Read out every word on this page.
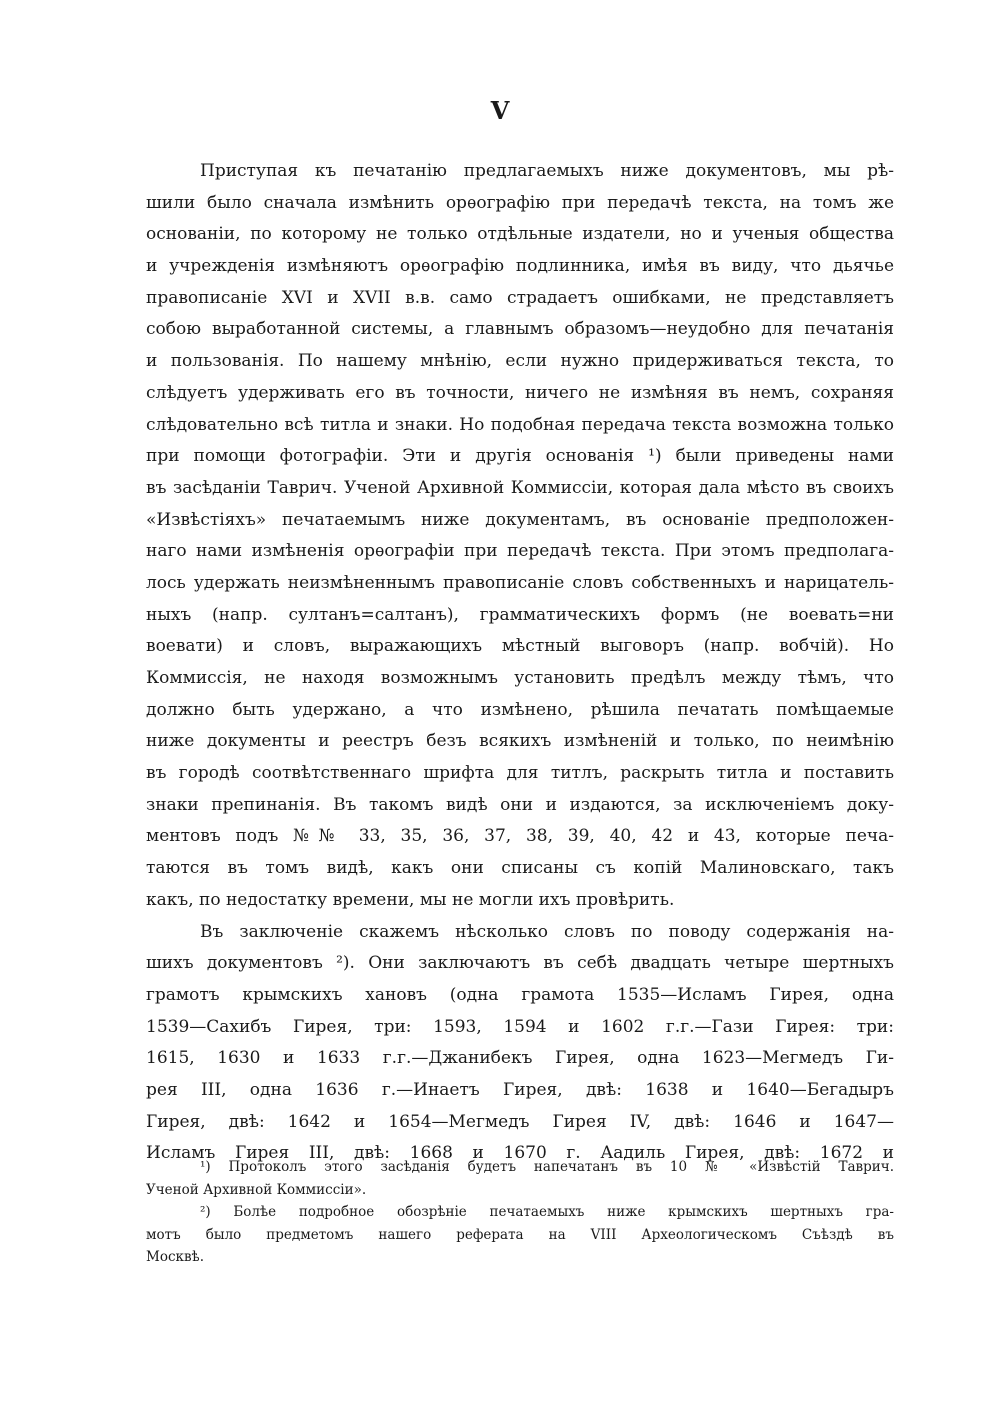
V
Приступая къ печатанію предлагаемыхъ ниже документовъ, мы рѣ-
шили было сначала измѣнить орѳографію при передачѣ текста, на томъ же
основаніи, по которому не только отдѣльные издатели, но и ученыя общества
и учрежденія измѣняютъ орѳографію подлинника, имѣя въ виду, что дьячье
правописаніе XVI и XVII в.в. само страдаетъ ошибками, не представляетъ
собою выработанной системы, а главнымъ образомъ—неудобно для печатанія
и пользованія. По нашему мнѣнію, если нужно придерживаться текста, то
слѣдуетъ удерживать его въ точности, ничего не измѣняя въ немъ, сохраняя
слѣдовательно всѣ титла и знаки. Но подобная передача текста возможна только
при помощи фотографіи. Эти и другія основанія ¹) были приведены нами
въ засѣданіи Таврич. Ученой Архивной Коммиссіи, которая дала мѣсто въ своихъ
«Извѣстіяхъ» печатаемымъ ниже документамъ, въ основаніе предположен-
наго нами измѣненія орѳографіи при передачѣ текста. При этомъ предполага-
лось удержать неизмѣненнымъ правописаніе словъ собственныхъ и нарицатель-
ныхъ (напр. султанъ=салтанъ), грамматическихъ формъ (не воевать=ни
воевати) и словъ, выражающихъ мѣстный выговоръ (напр. вобчій). Но
Коммиссія, не находя возможнымъ установить предѣлъ между тѣмъ, что
должно быть удержано, а что измѣнено, рѣшила печатать помѣщаемые
ниже документы и реестръ безъ всякихъ измѣненій и только, по неимѣнію
въ городѣ соотвѣтственнаго шрифта для титлъ, раскрыть титла и поставить
знаки препинанія. Въ такомъ видѣ они и издаются, за исключеніемъ доку-
ментовъ подъ №№ 33, 35, 36, 37, 38, 39, 40, 42 и 43, которые печа-
таются въ томъ видѣ, какъ они списаны съ копій Малиновскаго, такъ
какъ, по недостатку времени, мы не могли ихъ провѣрить.
Въ заключеніе скажемъ нѣсколько словъ по поводу содержанія на-
шихъ документовъ ²). Они заключаютъ въ себѣ двадцать четыре шертныхъ
грамотъ крымскихъ хановъ (одна грамота 1535—Исламъ Гирея, одна
1539—Сахибъ Гирея, три: 1593, 1594 и 1602 г.г.—Гази Гирея: три:
1615, 1630 и 1633 г.г.—Джанибекъ Гирея, одна 1623—Мегмедъ Ги-
рея III, одна 1636 г.—Инаетъ Гирея, двѣ: 1638 и 1640—Бегадыръ
Гирея, двѣ: 1642 и 1654—Мегмедъ Гирея IV, двѣ: 1646 и 1647—
Исламъ Гирея III, двѣ: 1668 и 1670 г. Аадиль Гирея, двѣ: 1672 и
¹) Протоколъ этого засѣданія будетъ напечатанъ въ 10 № «Извѣстій Таврич.
Ученой Архивной Коммиссіи».
²) Болѣе подробное обозрѣніе печатаемыхъ ниже крымскихъ шертныхъ гра-
мотъ было предметомъ нашего реферата на VIII Археологическомъ Съѣздѣ въ
Москвѣ.
